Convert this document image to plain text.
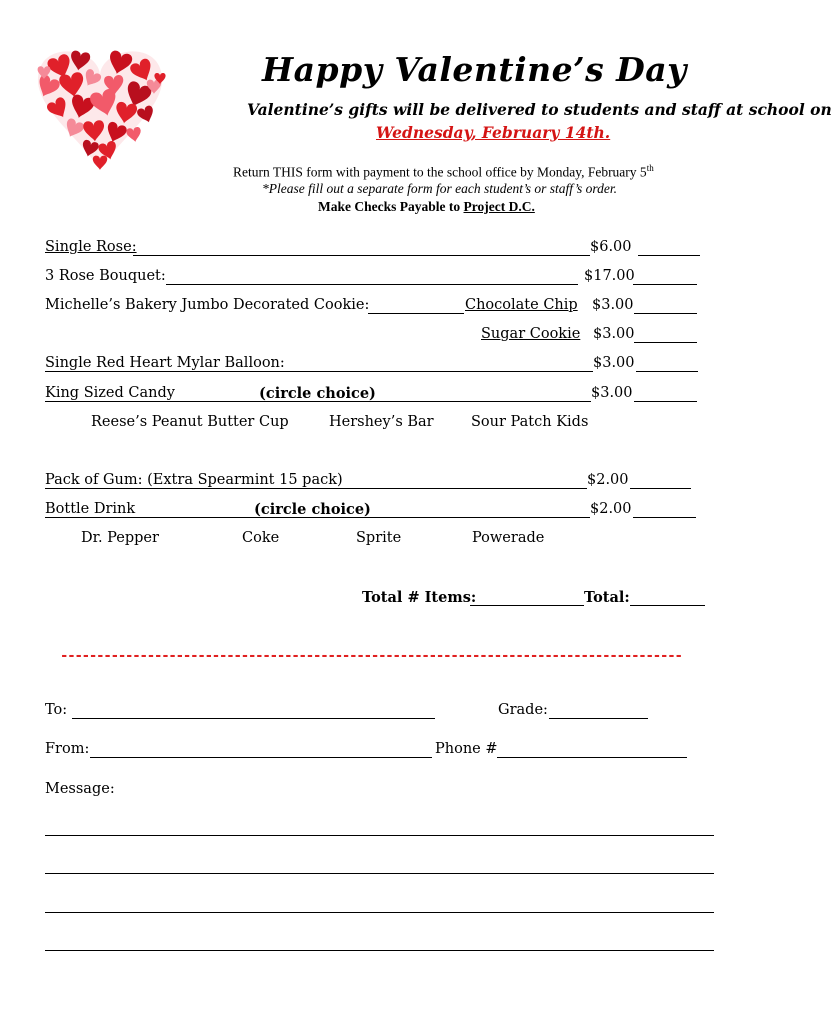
Happy Valentine’s Day
Valentine’s gifts will be delivered to students and staff at school on
Wednesday, February 14th.
Return THIS form with payment to the school office by Monday, February 5th
*Please fill out a separate form for each student’s or staff’s order.
Make Checks Payable to Project D.C.
Single Rose:	$6.00
3 Rose Bouquet:	$17.00
Michelle’s Bakery Jumbo Decorated Cookie:	Chocolate Chip $3.00
Sugar Cookie $3.00
Single Red Heart Mylar Balloon:	$3.00
King Sized Candy	(circle choice)	$3.00
Reese’s Peanut Butter Cup	Hershey’s Bar	Sour Patch Kids
Pack of Gum: (Extra Spearmint 15 pack)	$2.00
Bottle Drink	(circle choice)	$2.00
Dr. Pepper	Coke	Sprite	Powerade
Total # Items:	Total:
--------------------------------------------------------------------------------------
To:	Grade:
From:	Phone #
Message:
